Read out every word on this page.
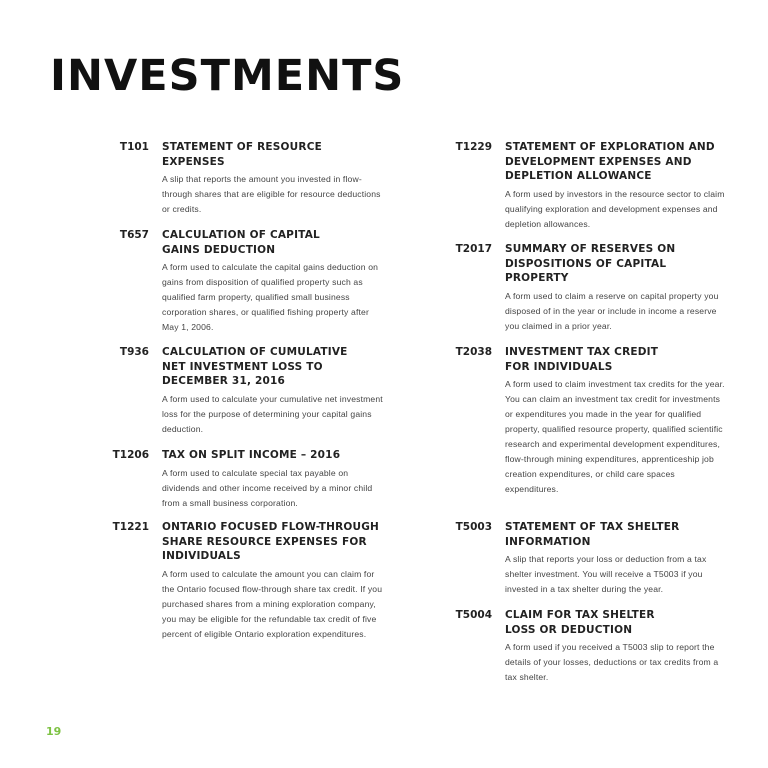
INVESTMENTS
T101 STATEMENT OF RESOURCE EXPENSES
A slip that reports the amount you invested in flow-through shares that are eligible for resource deductions or credits.
T657 CALCULATION OF CAPITAL GAINS DEDUCTION
A form used to calculate the capital gains deduction on gains from disposition of qualified property such as qualified farm property, qualified small business corporation shares, or qualified fishing property after May 1, 2006.
T936 CALCULATION OF CUMULATIVE NET INVESTMENT LOSS TO DECEMBER 31, 2016
A form used to calculate your cumulative net investment loss for the purpose of determining your capital gains deduction.
T1206 TAX ON SPLIT INCOME – 2016
A form used to calculate special tax payable on dividends and other income received by a minor child from a small business corporation.
T1221 ONTARIO FOCUSED FLOW-THROUGH SHARE RESOURCE EXPENSES FOR INDIVIDUALS
A form used to calculate the amount you can claim for the Ontario focused flow-through share tax credit. If you purchased shares from a mining exploration company, you may be eligible for the refundable tax credit of five percent of eligible Ontario exploration expenditures.
T1229 STATEMENT OF EXPLORATION AND DEVELOPMENT EXPENSES AND DEPLETION ALLOWANCE
A form used by investors in the resource sector to claim qualifying exploration and development expenses and depletion allowances.
T2017 SUMMARY OF RESERVES ON DISPOSITIONS OF CAPITAL PROPERTY
A form used to claim a reserve on capital property you disposed of in the year or include in income a reserve you claimed in a prior year.
T2038 INVESTMENT TAX CREDIT FOR INDIVIDUALS
A form used to claim investment tax credits for the year. You can claim an investment tax credit for investments or expenditures you made in the year for qualified property, qualified resource property, qualified scientific research and experimental development expenditures, flow-through mining expenditures, apprenticeship job creation expenditures, or child care spaces expenditures.
T5003 STATEMENT OF TAX SHELTER INFORMATION
A slip that reports your loss or deduction from a tax shelter investment. You will receive a T5003 if you invested in a tax shelter during the year.
T5004 CLAIM FOR TAX SHELTER LOSS OR DEDUCTION
A form used if you received a T5003 slip to report the details of your losses, deductions or tax credits from a tax shelter.
19
